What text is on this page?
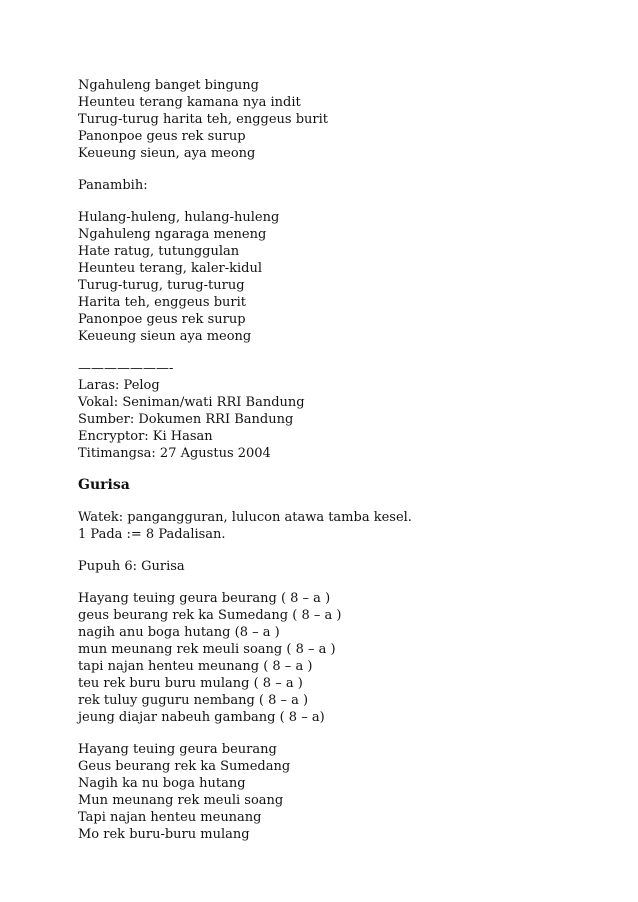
Ngahuleng banget bingung
Heunteu terang kamana nya indit
Turug-turug harita teh, enggeus burit
Panonpoe geus rek surup
Keueung sieun, aya meong
Panambih:
Hulang-huleng, hulang-huleng
Ngahuleng ngaraga meneng
Hate ratug, tutunggulan
Heunteu terang, kaler-kidul
Turug-turug, turug-turug
Harita teh, enggeus burit
Panonpoe geus rek surup
Keueung sieun aya meong
———————-
Laras: Pelog
Vokal: Seniman/wati RRI Bandung
Sumber: Dokumen RRI Bandung
Encryptor: Ki Hasan
Titimangsa: 27 Agustus 2004
Gurisa
Watek: pangangguran, lulucon atawa tamba kesel.
1 Pada := 8 Padalisan.
Pupuh 6: Gurisa
Hayang teuing geura beurang ( 8 – a )
geus beurang rek ka Sumedang ( 8 – a )
nagih anu boga hutang (8 – a )
mun meunang rek meuli soang ( 8 – a )
tapi najan henteu meunang ( 8 – a )
teu rek buru buru mulang ( 8 – a )
rek tuluy guguru nembang ( 8 – a )
jeung diajar nabeuh gambang ( 8 – a)
Hayang teuing geura beurang
Geus beurang rek ka Sumedang
Nagih ka nu boga hutang
Mun meunang rek meuli soang
Tapi najan henteu meunang
Mo rek buru-buru mulang
